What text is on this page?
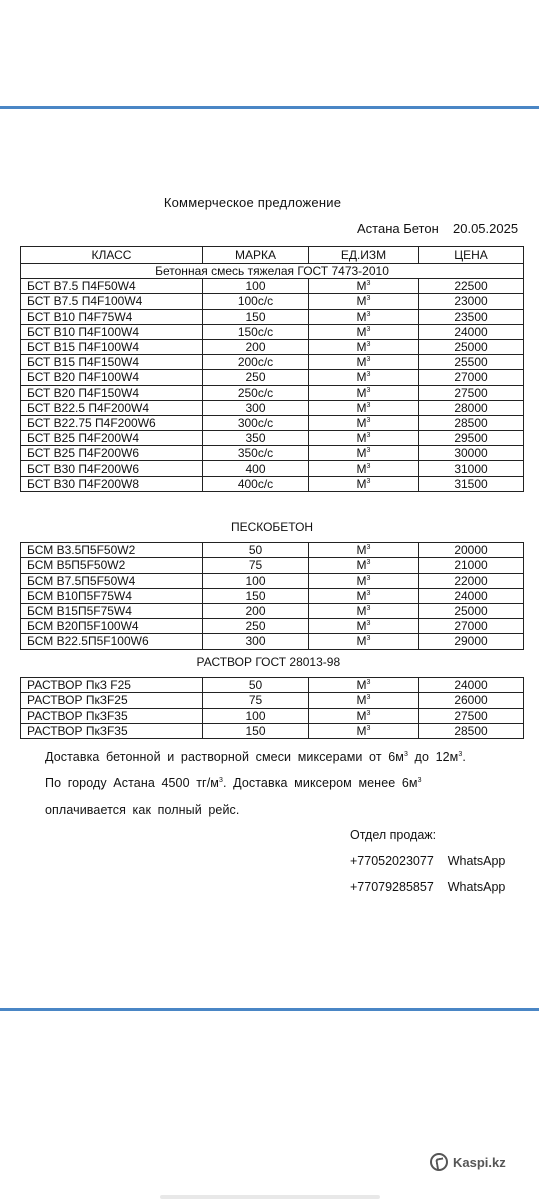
Коммерческое предложение
Астана Бетон 20.05.2025
КЛАСС	МАРКА	ЕД.ИЗМ	ЦЕНА
Бетонная смесь тяжелая ГОСТ 7473-2010			
БСТ В7.5 П4F50W4	100	$M^3$	22500
БСТ В7.5 П4F100W4	100с/с	$M^3$	23000
БСТ В10 П4F75W4	150	$M^3$	23500
БСТ В10 П4F100W4	150с/с	$M^3$	24000
БСТ В15 П4F100W4	200	$M^3$	25000
БСТ В15 П4F150W4	200с/с	$M^3$	25500
БСТ В20 П4F100W4	250	$M^3$	27000
БСТ В20 П4F150W4	250с/с	$M^3$	27500
БСТ В22.5 П4F200W4	300	$M^3$	28000
БСТ В22.75 П4F200W6	300с/с	$M^3$	28500
БСТ В25 П4F200W4	350	$M^3$	29500
БСТ В25 П4F200W6	350с/с	$M^3$	30000
БСТ В30 П4F200W6	400	$M^3$	31000
БСТ В30 П4F200W8	400с/с	$M^3$	31500
ПЕСКОБЕТОН			

БСМ В3.5П5F50W2	50	$M^3$	20000
БСМ В5П5F50W2	75	$M^3$	21000
БСМ В7.5П5F50W4	100	$M^3$	22000
БСМ В10П5F75W4	150	$M^3$	24000
БСМ В15П5F75W4	200	$M^3$	25000
БСМ В20П5F100W4	250	$M^3$	27000
БСМ В22.5П5F100W6	300	$M^3$	29000
РАСТВОР ГОСТ 28013-98			

РАСТВОР ПкЗ F25	50	$M^3$	24000
РАСТВОР ПкЗF25	75	$M^3$	26000
РАСТВОР ПкЗF35	100	$M^3$	27500
РАСТВОР ПкЗF35	150	$M^3$	28500
Доставка бетонной и растворной смеси миксерами от $6м^3$ до $12м^3$.
По городу Астана 4500 $тг/м^3$. Доставка миксером менее $6м^3$
оплачивается как полный рейс.
Отдел продаж:
+77052023077 WhatsApp
+77079285857 WhatsApp
Kaspi.kz
